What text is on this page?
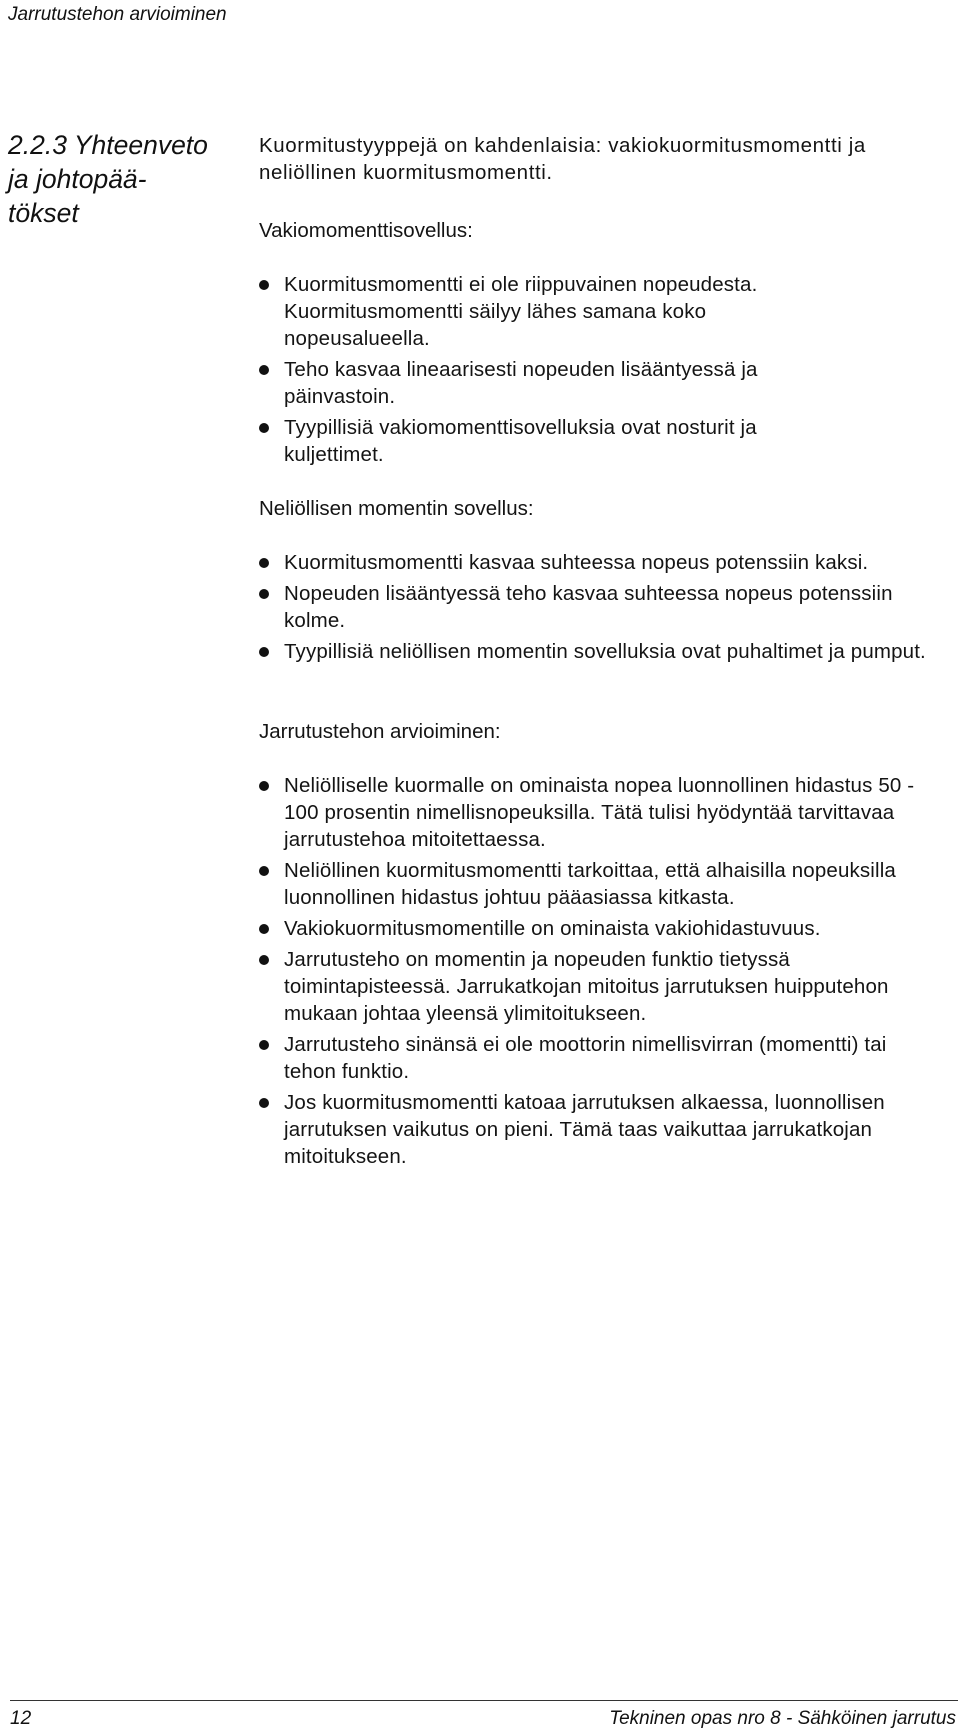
Jarrutustehon arvioiminen
2.2.3 Yhteenveto
ja johtopää-
tökset

Kuormitustyyppejä on kahdenlaisia: vakiokuormitusmomentti ja neliöllinen kuormitusmomentti.

Vakiomomenttisovellus:

Kuormitusmomentti ei ole riippuvainen nopeudesta. Kuormitusmomentti säilyy lähes samana koko nopeusalueella.
Teho kasvaa lineaarisesti nopeuden lisääntyessä ja päinvastoin.
Tyypillisiä vakiomomenttisovelluksia ovat nosturit ja kuljettimet.

Neliöllisen momentin sovellus:

Kuormitusmomentti kasvaa suhteessa nopeus potenssiin kaksi.
Nopeuden lisääntyessä teho kasvaa suhteessa nopeus potenssiin kolme.
Tyypillisiä neliöllisen momentin sovelluksia ovat puhaltimet ja pumput.

Jarrutustehon arvioiminen:

Neliölliselle kuormalle on ominaista nopea luonnollinen hidastus 50 - 100 prosentin nimellisnopeuksilla. Tätä tulisi hyödyntää tarvittavaa jarrutustehoa mitoitettaessa.
Neliöllinen kuormitusmomentti tarkoittaa, että alhaisilla nopeuksilla luonnollinen hidastus johtuu pääasiassa kitkasta.
Vakiokuormitusmomentille on ominaista vakiohidastuvuus.
Jarrutusteho on momentin ja nopeuden funktio tietyssä toimintapisteessä. Jarrukatkojan mitoitus jarrutuksen huipputehon mukaan johtaa yleensä ylimitoitukseen.
Jarrutusteho sinänsä ei ole moottorin nimellisvirran (momentti) tai tehon funktio.
Jos kuormitusmomentti katoaa jarrutuksen alkaessa, luonnollisen jarrutuksen vaikutus on pieni. Tämä taas vaikuttaa jarrukatkojan mitoitukseen.
12	Tekninen opas nro 8 - Sähköinen jarrutus
